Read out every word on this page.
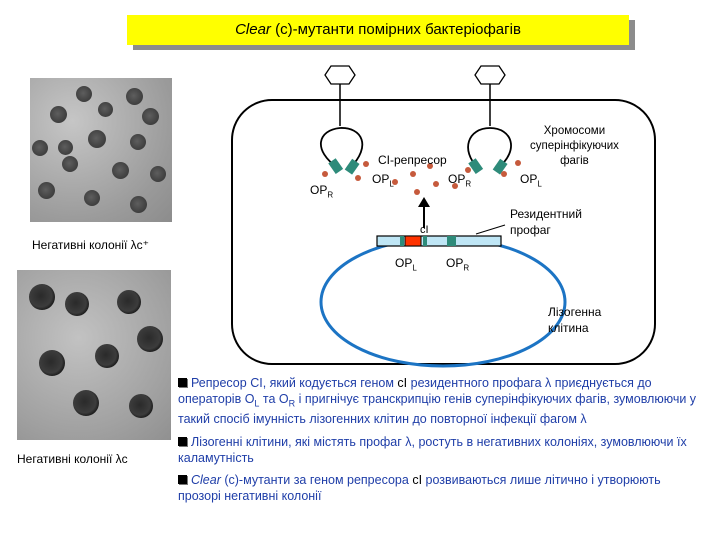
Clear (с)-мутанти помірних бактеріофагів
Негативні колонії λc⁺
Негативні колонії λc
CI-репресор
$OP_R$
$OP_L$	$OP_R$	$OP_L$
Хромосоми
суперінфікуючих
фагів
Резидентний
профаг
cI
$OP_L$ $OP_R$
Лізогенна
клітина
Репресор CI, який кодується геном cI резидентного профага λ приєднується до операторів $O_L$ та $O_R$ і пригнічує транскрипцію генів суперінфікуючих фагів, зумовлюючи у такий спосіб імунність лізогенних клітин до повторної інфекції фагом λ
Лізогенні клітини, які містять профаг λ, ростуть в негативних колоніях, зумовлюючи їх каламутність
Clear (с)-мутанти за геном репресора cI розвиваються лише літично і утворюють прозорі негативні колонії
